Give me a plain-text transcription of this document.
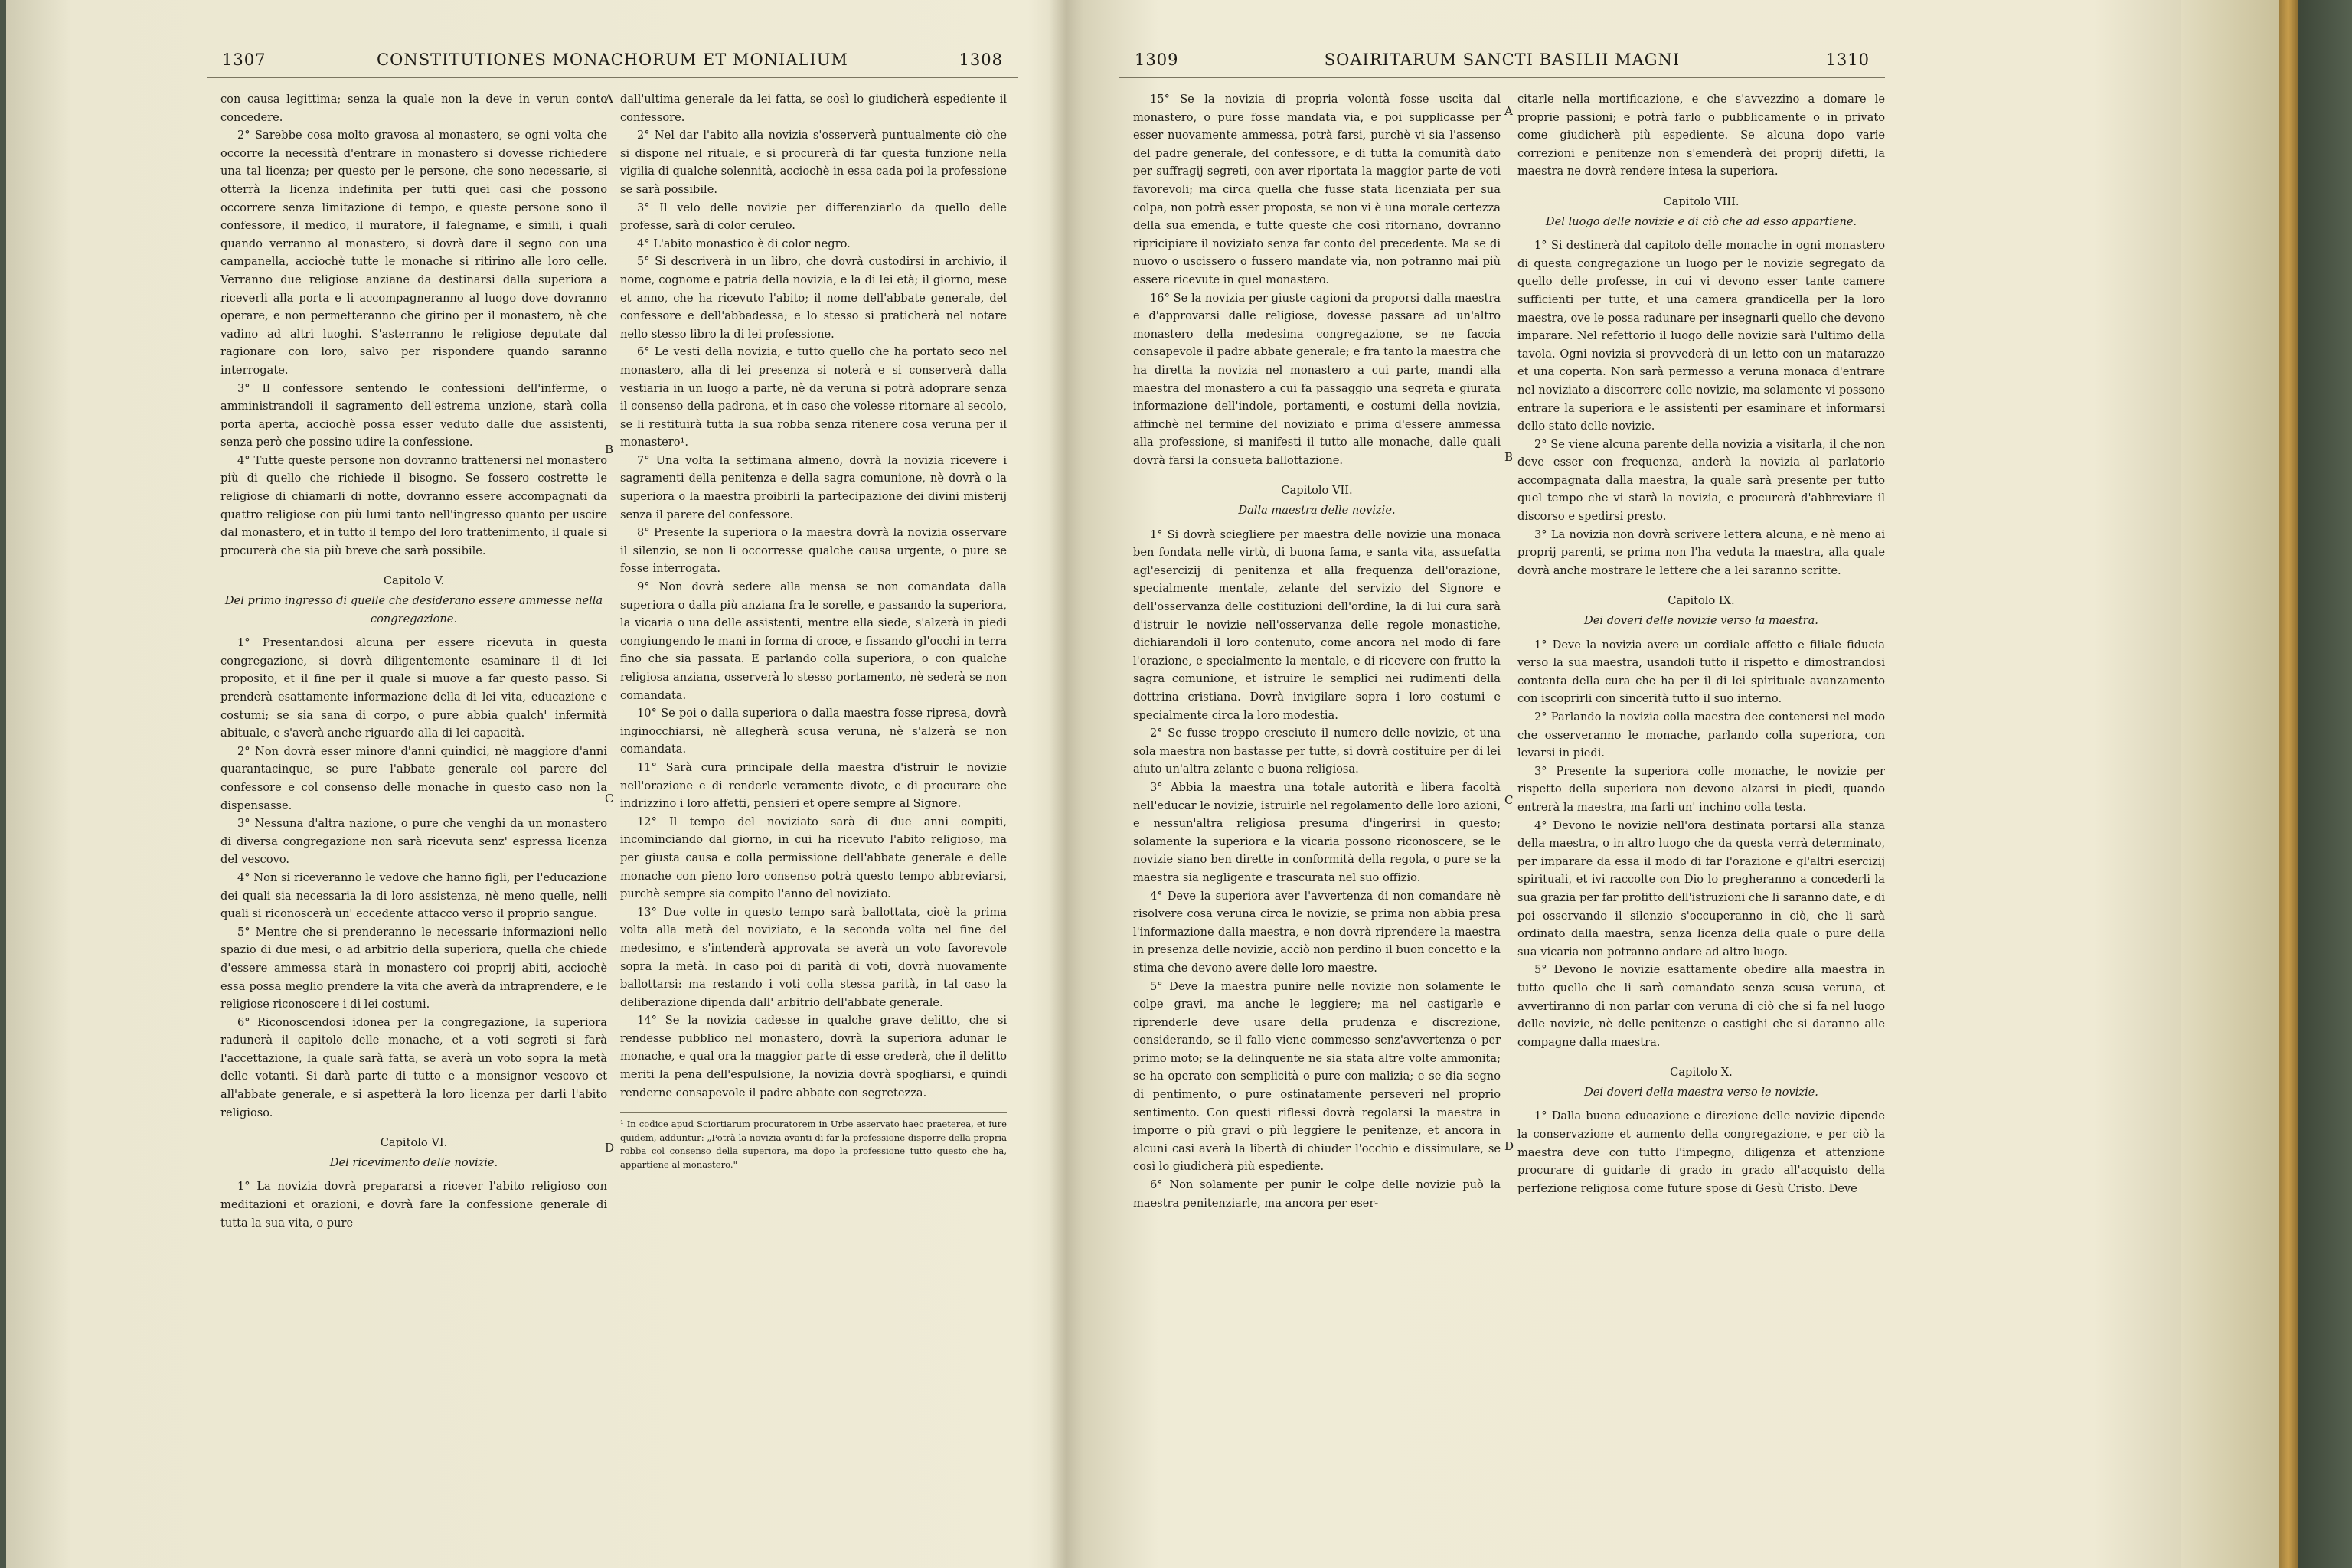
1307	CONSTITUTIONES MONACHORUM ET MONIALIUM	1308

con causa legittima; senza la quale non la deve in verun conto concedere.

2° Sarebbe cosa molto gravosa al monastero, se ogni volta che occorre la necessità d'entrare in monastero si dovesse richiedere una tal licenza; per questo per le persone, che sono necessarie, si otterrà la licenza indefinita per tutti quei casi che possono occorrere senza limitazione di tempo, e queste persone sono il confessore, il medico, il muratore, il falegname, e simili, i quali quando verranno al monastero, si dovrà dare il segno con una campanella, acciochè tutte le monache si ritirino alle loro celle. Verranno due religiose anziane da destinarsi dalla superiora a riceverli alla porta e li accompagneranno al luogo dove dovranno operare, e non permetteranno che girino per il monastero, nè che vadino ad altri luoghi. S'asterranno le religiose deputate dal ragionare con loro, salvo per rispondere quando saranno interrogate.

3° Il confessore sentendo le confessioni dell'inferme, o amministrandoli il sagramento dell'estrema unzione, starà colla porta aperta, acciochè possa esser veduto dalle due assistenti, senza però che possino udire la confessione.

4° Tutte queste persone non dovranno trattenersi nel monastero più di quello che richiede il bisogno. Se fossero costrette le religiose di chiamarli di notte, dovranno essere accompagnati da quattro religiose con più lumi tanto nell'ingresso quanto per uscire dal monastero, et in tutto il tempo del loro trattenimento, il quale si procurerà che sia più breve che sarà possibile.

Capitolo V.
Del primo ingresso di quelle che desiderano essere ammesse nella congregazione.

1° Presentandosi alcuna per essere ricevuta in questa congregazione, si dovrà diligentemente esaminare il di lei proposito, et il fine per il quale si muove a far questo passo. Si prenderà esattamente informazione della di lei vita, educazione e costumi; se sia sana di corpo, o pure abbia qualch' infermità abituale, e s'averà anche riguardo alla di lei capacità.

2° Non dovrà esser minore d'anni quindici, nè maggiore d'anni quarantacinque, se pure l'abbate generale col parere del confessore e col consenso delle monache in questo caso non la dispensasse.

3° Nessuna d'altra nazione, o pure che venghi da un monastero di diversa congregazione non sarà ricevuta senz' espressa licenza del vescovo.

4° Non si riceveranno le vedove che hanno figli, per l'educazione dei quali sia necessaria la di loro assistenza, nè meno quelle, nelli quali si riconoscerà un' eccedente attacco verso il proprio sangue.

5° Mentre che si prenderanno le necessarie informazioni nello spazio di due mesi, o ad arbitrio della superiora, quella che chiede d'essere ammessa starà in monastero coi proprij abiti, acciochè essa possa meglio prendere la vita che averà da intraprendere, e le religiose riconoscere i di lei costumi.

6° Riconoscendosi idonea per la congregazione, la superiora radunerà il capitolo delle monache, et a voti segreti si farà l'accettazione, la quale sarà fatta, se averà un voto sopra la metà delle votanti. Si darà parte di tutto e a monsignor vescovo et all'abbate generale, e si aspetterà la loro licenza per darli l'abito religioso.

Capitolo VI.
Del ricevimento delle novizie.

1° La novizia dovrà prepararsi a ricever l'abito religioso con meditazioni et orazioni, e dovrà fare la confessione generale di tutta la sua vita, o pure

A
B
C
D

dall'ultima generale da lei fatta, se così lo giudicherà espediente il confessore.

2° Nel dar l'abito alla novizia s'osserverà puntualmente ciò che si dispone nel rituale, e si procurerà di far questa funzione nella vigilia di qualche solennità, acciochè in essa cada poi la professione se sarà possibile.

3° Il velo delle novizie per differenziarlo da quello delle professe, sarà di color ceruleo.

4° L'abito monastico è di color negro.

5° Si descriverà in un libro, che dovrà custodirsi in archivio, il nome, cognome e patria della novizia, e la di lei età; il giorno, mese et anno, che ha ricevuto l'abito; il nome dell'abbate generale, del confessore e dell'abbadessa; e lo stesso si praticherà nel notare nello stesso libro la di lei professione.

6° Le vesti della novizia, e tutto quello che ha portato seco nel monastero, alla di lei presenza si noterà e si conserverà dalla vestiaria in un luogo a parte, nè da veruna si potrà adoprare senza il consenso della padrona, et in caso che volesse ritornare al secolo, se li restituirà tutta la sua robba senza ritenere cosa veruna per il monastero¹.

7° Una volta la settimana almeno, dovrà la novizia ricevere i sagramenti della penitenza e della sagra comunione, nè dovrà o la superiora o la maestra proibirli la partecipazione dei divini misterij senza il parere del confessore.

8° Presente la superiora o la maestra dovrà la novizia osservare il silenzio, se non li occorresse qualche causa urgente, o pure se fosse interrogata.

9° Non dovrà sedere alla mensa se non comandata dalla superiora o dalla più anziana fra le sorelle, e passando la superiora, la vicaria o una delle assistenti, mentre ella siede, s'alzerà in piedi congiungendo le mani in forma di croce, e fissando gl'occhi in terra fino che sia passata. E parlando colla superiora, o con qualche religiosa anziana, osserverà lo stesso portamento, nè sederà se non comandata.

10° Se poi o dalla superiora o dalla maestra fosse ripresa, dovrà inginocchiarsi, nè allegherà scusa veruna, nè s'alzerà se non comandata.

11° Sarà cura principale della maestra d'istruir le novizie nell'orazione e di renderle veramente divote, e di procurare che indrizzino i loro affetti, pensieri et opere sempre al Signore.

12° Il tempo del noviziato sarà di due anni compiti, incominciando dal giorno, in cui ha ricevuto l'abito religioso, ma per giusta causa e colla permissione dell'abbate generale e delle monache con pieno loro consenso potrà questo tempo abbreviarsi, purchè sempre sia compito l'anno del noviziato.

13° Due volte in questo tempo sarà ballottata, cioè la prima volta alla metà del noviziato, e la seconda volta nel fine del medesimo, e s'intenderà approvata se averà un voto favorevole sopra la metà. In caso poi di parità di voti, dovrà nuovamente ballottarsi: ma restando i voti colla stessa parità, in tal caso la deliberazione dipenda dall' arbitrio dell'abbate generale.

14° Se la novizia cadesse in qualche grave delitto, che si rendesse pubblico nel monastero, dovrà la superiora adunar le monache, e qual ora la maggior parte di esse crederà, che il delitto meriti la pena dell'espulsione, la novizia dovrà spogliarsi, e quindi renderne consapevole il padre abbate con segretezza.

¹ In codice apud Sciortiarum procuratorem in Urbe asservato haec praeterea, et iure quidem, adduntur: „Potrà la novizia avanti di far la professione disporre della propria robba col consenso della superiora, ma dopo la professione tutto questo che ha, appartiene al monastero."
1309	SOAIRITARUM SANCTI BASILII MAGNI	1310

15° Se la novizia di propria volontà fosse uscita dal monastero, o pure fosse mandata via, e poi supplicasse per esser nuovamente ammessa, potrà farsi, purchè vi sia l'assenso del padre generale, del confessore, e di tutta la comunità dato per suffragij segreti, con aver riportata la maggior parte de voti favorevoli; ma circa quella che fusse stata licenziata per sua colpa, non potrà esser proposta, se non vi è una morale certezza della sua emenda, e tutte queste che così ritornano, dovranno ripricipiare il noviziato senza far conto del precedente. Ma se di nuovo o uscissero o fussero mandate via, non potranno mai più essere ricevute in quel monastero.

16° Se la novizia per giuste cagioni da proporsi dalla maestra e d'approvarsi dalle religiose, dovesse passare ad un'altro monastero della medesima congregazione, se ne faccia consapevole il padre abbate generale; e fra tanto la maestra che ha diretta la novizia nel monastero a cui parte, mandi alla maestra del monastero a cui fa passaggio una segreta e giurata informazione dell'indole, portamenti, e costumi della novizia, affinchè nel termine del noviziato e prima d'essere ammessa alla professione, si manifesti il tutto alle monache, dalle quali dovrà farsi la consueta ballottazione.

Capitolo VII.
Dalla maestra delle novizie.

1° Si dovrà sciegliere per maestra delle novizie una monaca ben fondata nelle virtù, di buona fama, e santa vita, assuefatta agl'esercizij di penitenza et alla frequenza dell'orazione, specialmente mentale, zelante del servizio del Signore e dell'osservanza delle costituzioni dell'ordine, la di lui cura sarà d'istruir le novizie nell'osservanza delle regole monastiche, dichiarandoli il loro contenuto, come ancora nel modo di fare l'orazione, e specialmente la mentale, e di ricevere con frutto la sagra comunione, et istruire le semplici nei rudimenti della dottrina cristiana. Dovrà invigilare sopra i loro costumi e specialmente circa la loro modestia.

2° Se fusse troppo cresciuto il numero delle novizie, et una sola maestra non bastasse per tutte, si dovrà costituire per di lei aiuto un'altra zelante e buona religiosa.

3° Abbia la maestra una totale autorità e libera facoltà nell'educar le novizie, istruirle nel regolamento delle loro azioni, e nessun'altra religiosa presuma d'ingerirsi in questo; solamente la superiora e la vicaria possono riconoscere, se le novizie siano ben dirette in conformità della regola, o pure se la maestra sia negligente e trascurata nel suo offizio.

4° Deve la superiora aver l'avvertenza di non comandare nè risolvere cosa veruna circa le novizie, se prima non abbia presa l'informazione dalla maestra, e non dovrà riprendere la maestra in presenza delle novizie, acciò non perdino il buon concetto e la stima che devono avere delle loro maestre.

5° Deve la maestra punire nelle novizie non solamente le colpe gravi, ma anche le leggiere; ma nel castigarle e riprenderle deve usare della prudenza e discrezione, considerando, se il fallo viene commesso senz'avvertenza o per primo moto; se la delinquente ne sia stata altre volte ammonita; se ha operato con semplicità o pure con malizia; e se dia segno di pentimento, o pure ostinatamente perseveri nel proprio sentimento. Con questi riflessi dovrà regolarsi la maestra in imporre o più gravi o più leggiere le penitenze, et ancora in alcuni casi averà la libertà di chiuder l'occhio e dissimulare, se così lo giudicherà più espediente.

6° Non solamente per punir le colpe delle novizie può la maestra penitenziarle, ma ancora per eser-

A
B
C
D

citarle nella mortificazione, e che s'avvezzino a domare le proprie passioni; e potrà farlo o pubblicamente o in privato come giudicherà più espediente. Se alcuna dopo varie correzioni e penitenze non s'emenderà dei proprij difetti, la maestra ne dovrà rendere intesa la superiora.

Capitolo VIII.
Del luogo delle novizie e di ciò che ad esso appartiene.

1° Si destinerà dal capitolo delle monache in ogni monastero di questa congregazione un luogo per le novizie segregato da quello delle professe, in cui vi devono esser tante camere sufficienti per tutte, et una camera grandicella per la loro maestra, ove le possa radunare per insegnarli quello che devono imparare. Nel refettorio il luogo delle novizie sarà l'ultimo della tavola. Ogni novizia si provvederà di un letto con un matarazzo et una coperta. Non sarà permesso a veruna monaca d'entrare nel noviziato a discorrere colle novizie, ma solamente vi possono entrare la superiora e le assistenti per esaminare et informarsi dello stato delle novizie.

2° Se viene alcuna parente della novizia a visitarla, il che non deve esser con frequenza, anderà la novizia al parlatorio accompagnata dalla maestra, la quale sarà presente per tutto quel tempo che vi starà la novizia, e procurerà d'abbreviare il discorso e spedirsi presto.

3° La novizia non dovrà scrivere lettera alcuna, e nè meno ai proprij parenti, se prima non l'ha veduta la maestra, alla quale dovrà anche mostrare le lettere che a lei saranno scritte.

Capitolo IX.
Dei doveri delle novizie verso la maestra.

1° Deve la novizia avere un cordiale affetto e filiale fiducia verso la sua maestra, usandoli tutto il rispetto e dimostrandosi contenta della cura che ha per il di lei spirituale avanzamento con iscoprirli con sincerità tutto il suo interno.

2° Parlando la novizia colla maestra dee contenersi nel modo che osserveranno le monache, parlando colla superiora, con levarsi in piedi.

3° Presente la superiora colle monache, le novizie per rispetto della superiora non devono alzarsi in piedi, quando entrerà la maestra, ma farli un' inchino colla testa.

4° Devono le novizie nell'ora destinata portarsi alla stanza della maestra, o in altro luogo che da questa verrà determinato, per imparare da essa il modo di far l'orazione e gl'altri esercizij spirituali, et ivi raccolte con Dio lo pregheranno a concederli la sua grazia per far profitto dell'istruzioni che li saranno date, e di poi osservando il silenzio s'occuperanno in ciò, che li sarà ordinato dalla maestra, senza licenza della quale o pure della sua vicaria non potranno andare ad altro luogo.

5° Devono le novizie esattamente obedire alla maestra in tutto quello che li sarà comandato senza scusa veruna, et avvertiranno di non parlar con veruna di ciò che si fa nel luogo delle novizie, nè delle penitenze o castighi che si daranno alle compagne dalla maestra.

Capitolo X.
Dei doveri della maestra verso le novizie.

1° Dalla buona educazione e direzione delle novizie dipende la conservazione et aumento della congregazione, e per ciò la maestra deve con tutto l'impegno, diligenza et attenzione procurare di guidarle di grado in grado all'acquisto della perfezione religiosa come future spose di Gesù Cristo. Deve
